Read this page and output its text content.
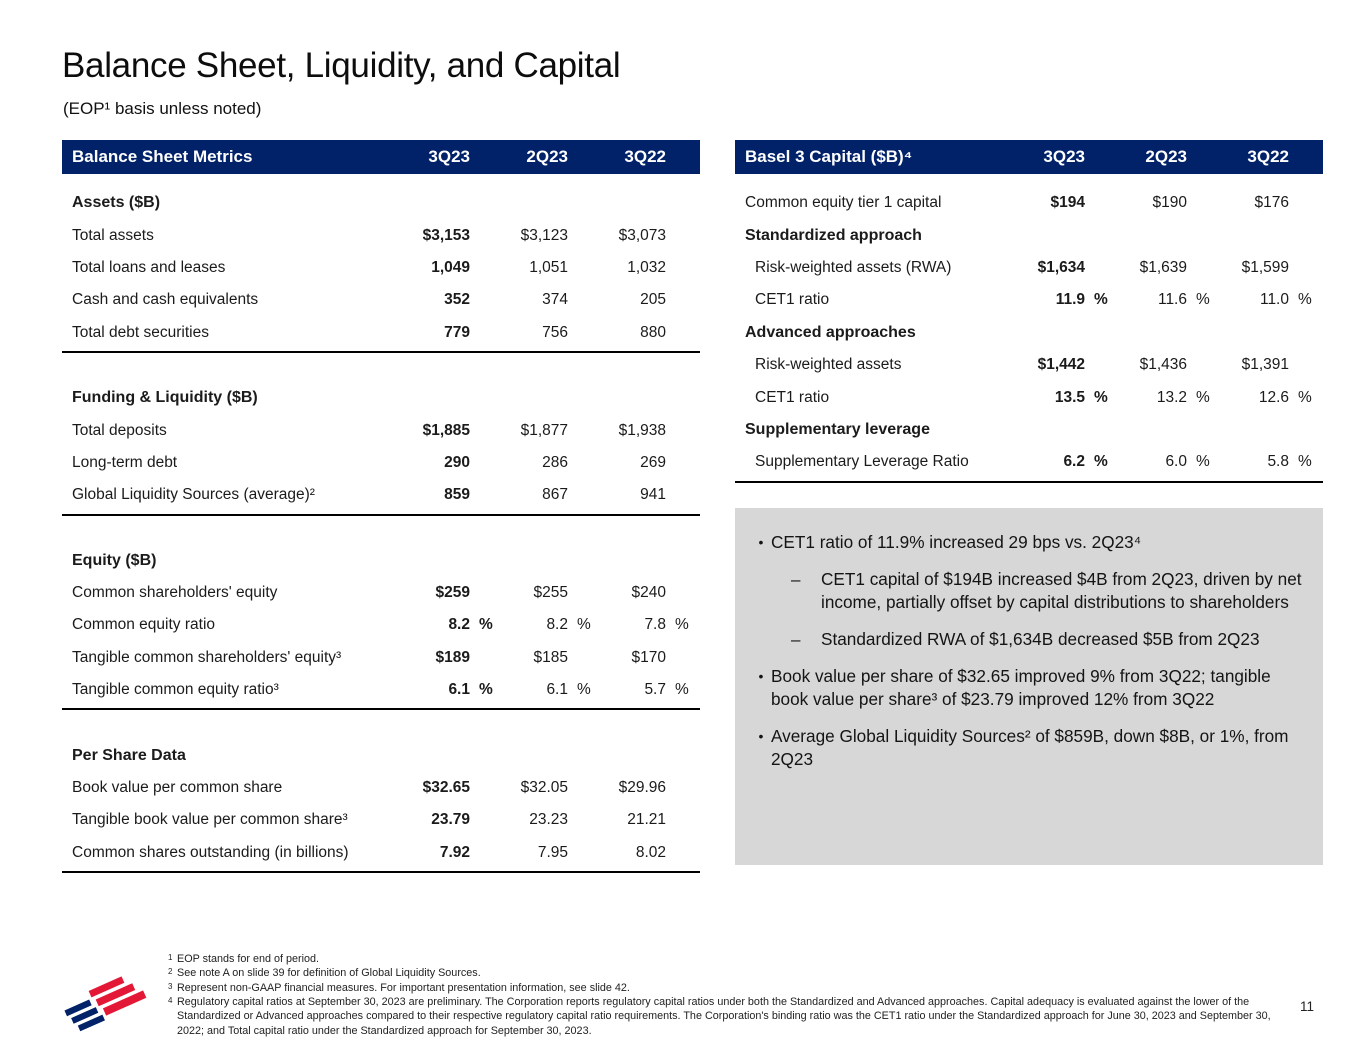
Balance Sheet, Liquidity, and Capital
(EOP¹ basis unless noted)
Balance Sheet Metrics	3Q23	2Q23	3Q22
Assets ($B)
Total assets	$3,153	$3,123	$3,073
Total loans and leases	1,049	1,051	1,032
Cash and cash equivalents	352	374	205
Total debt securities	779	756	880
Funding & Liquidity ($B)
Total deposits	$1,885	$1,877	$1,938
Long-term debt	290	286	269
Global Liquidity Sources (average)²	859	867	941
Equity ($B)
Common shareholders' equity	$259	$255	$240
Common equity ratio	8.2 %	8.2 %	7.8 %
Tangible common shareholders' equity³	$189	$185	$170
Tangible common equity ratio³	6.1 %	6.1 %	5.7 %
Per Share Data
Book value per common share	$32.65	$32.05	$29.96
Tangible book value per common share³	23.79	23.23	21.21
Common shares outstanding (in billions)	7.92	7.95	8.02
Basel 3 Capital ($B)⁴	3Q23	2Q23	3Q22
Common equity tier 1 capital	$194	$190	$176
Standardized approach
Risk-weighted assets (RWA)	$1,634	$1,639	$1,599
CET1 ratio	11.9 %	11.6 %	11.0 %
Advanced approaches
Risk-weighted assets	$1,442	$1,436	$1,391
CET1 ratio	13.5 %	13.2 %	12.6 %
Supplementary leverage
Supplementary Leverage Ratio	6.2 %	6.0 %	5.8 %
• CET1 ratio of 11.9% increased 29 bps vs. 2Q23⁴
–	CET1 capital of $194B increased $4B from 2Q23, driven by net income, partially offset by capital distributions to shareholders
–	Standardized RWA of $1,634B decreased $5B from 2Q23
• Book value per share of $32.65 improved 9% from 3Q22; tangible book value per share³ of $23.79 improved 12% from 3Q22
• Average Global Liquidity Sources² of $859B, down $8B, or 1%, from 2Q23
1 EOP stands for end of period.
2 See note A on slide 39 for definition of Global Liquidity Sources.
3 Represent non-GAAP financial measures. For important presentation information, see slide 42.
4 Regulatory capital ratios at September 30, 2023 are preliminary. The Corporation reports regulatory capital ratios under both the Standardized and Advanced approaches. Capital adequacy is evaluated against the lower of the Standardized or Advanced approaches compared to their respective regulatory capital ratio requirements. The Corporation's binding ratio was the CET1 ratio under the Standardized approach for June 30, 2023 and September 30, 2022; and Total capital ratio under the Standardized approach for September 30, 2023.
11
